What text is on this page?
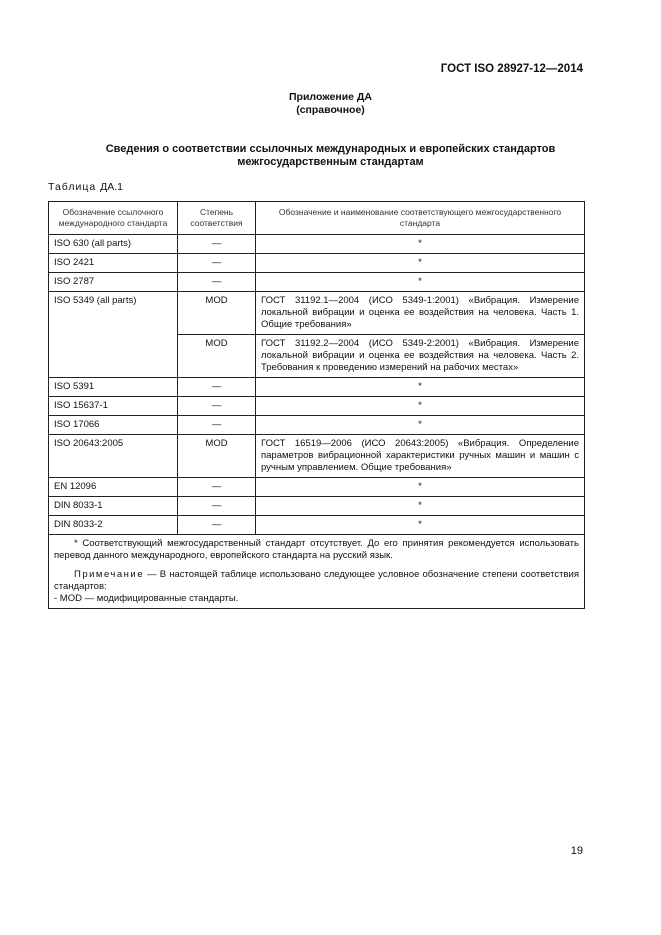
ГОСТ ISO 28927-12—2014
Приложение ДА
(справочное)
Сведения о соответствии ссылочных международных и европейских стандартов
межгосударственным стандартам
Таблица ДА.1
Обозначение ссылочного международного стандарта	Степень соответствия	Обозначение и наименование соответствующего межгосударственного стандарта
ISO 630 (all parts)	—	*
ISO 2421	—	*
ISO 2787	—	*
ISO 5349 (all parts)	MOD	ГОСТ 31192.1—2004 (ИСО 5349-1:2001) «Вибрация. Измерение локальной вибрации и оценка ее воздействия на человека. Часть 1. Общие требования»
	MOD	ГОСТ 31192.2—2004 (ИСО 5349-2:2001) «Вибрация. Измерение локальной вибрации и оценка ее воздействия на человека. Часть 2. Требования к проведению измерений на рабочих местах»
ISO 5391	—	*
ISO 15637-1	—	*
ISO 17066	—	*
ISO 20643:2005	MOD	ГОСТ 16519—2006 (ИСО 20643:2005) «Вибрация. Определение параметров вибрационной характеристики ручных машин и машин с ручным управлением. Общие требования»
EN 12096	—	*
DIN 8033-1	—	*
DIN 8033-2	—	*

* Соответствующий межгосударственный стандарт отсутствует. До его принятия рекомендуется использовать перевод данного международного, европейского стандарта на русский язык.

Примечание — В настоящей таблице использовано следующее условное обозначение степени соответствия стандартов:

- MOD — модифицированные стандарты.		

19
